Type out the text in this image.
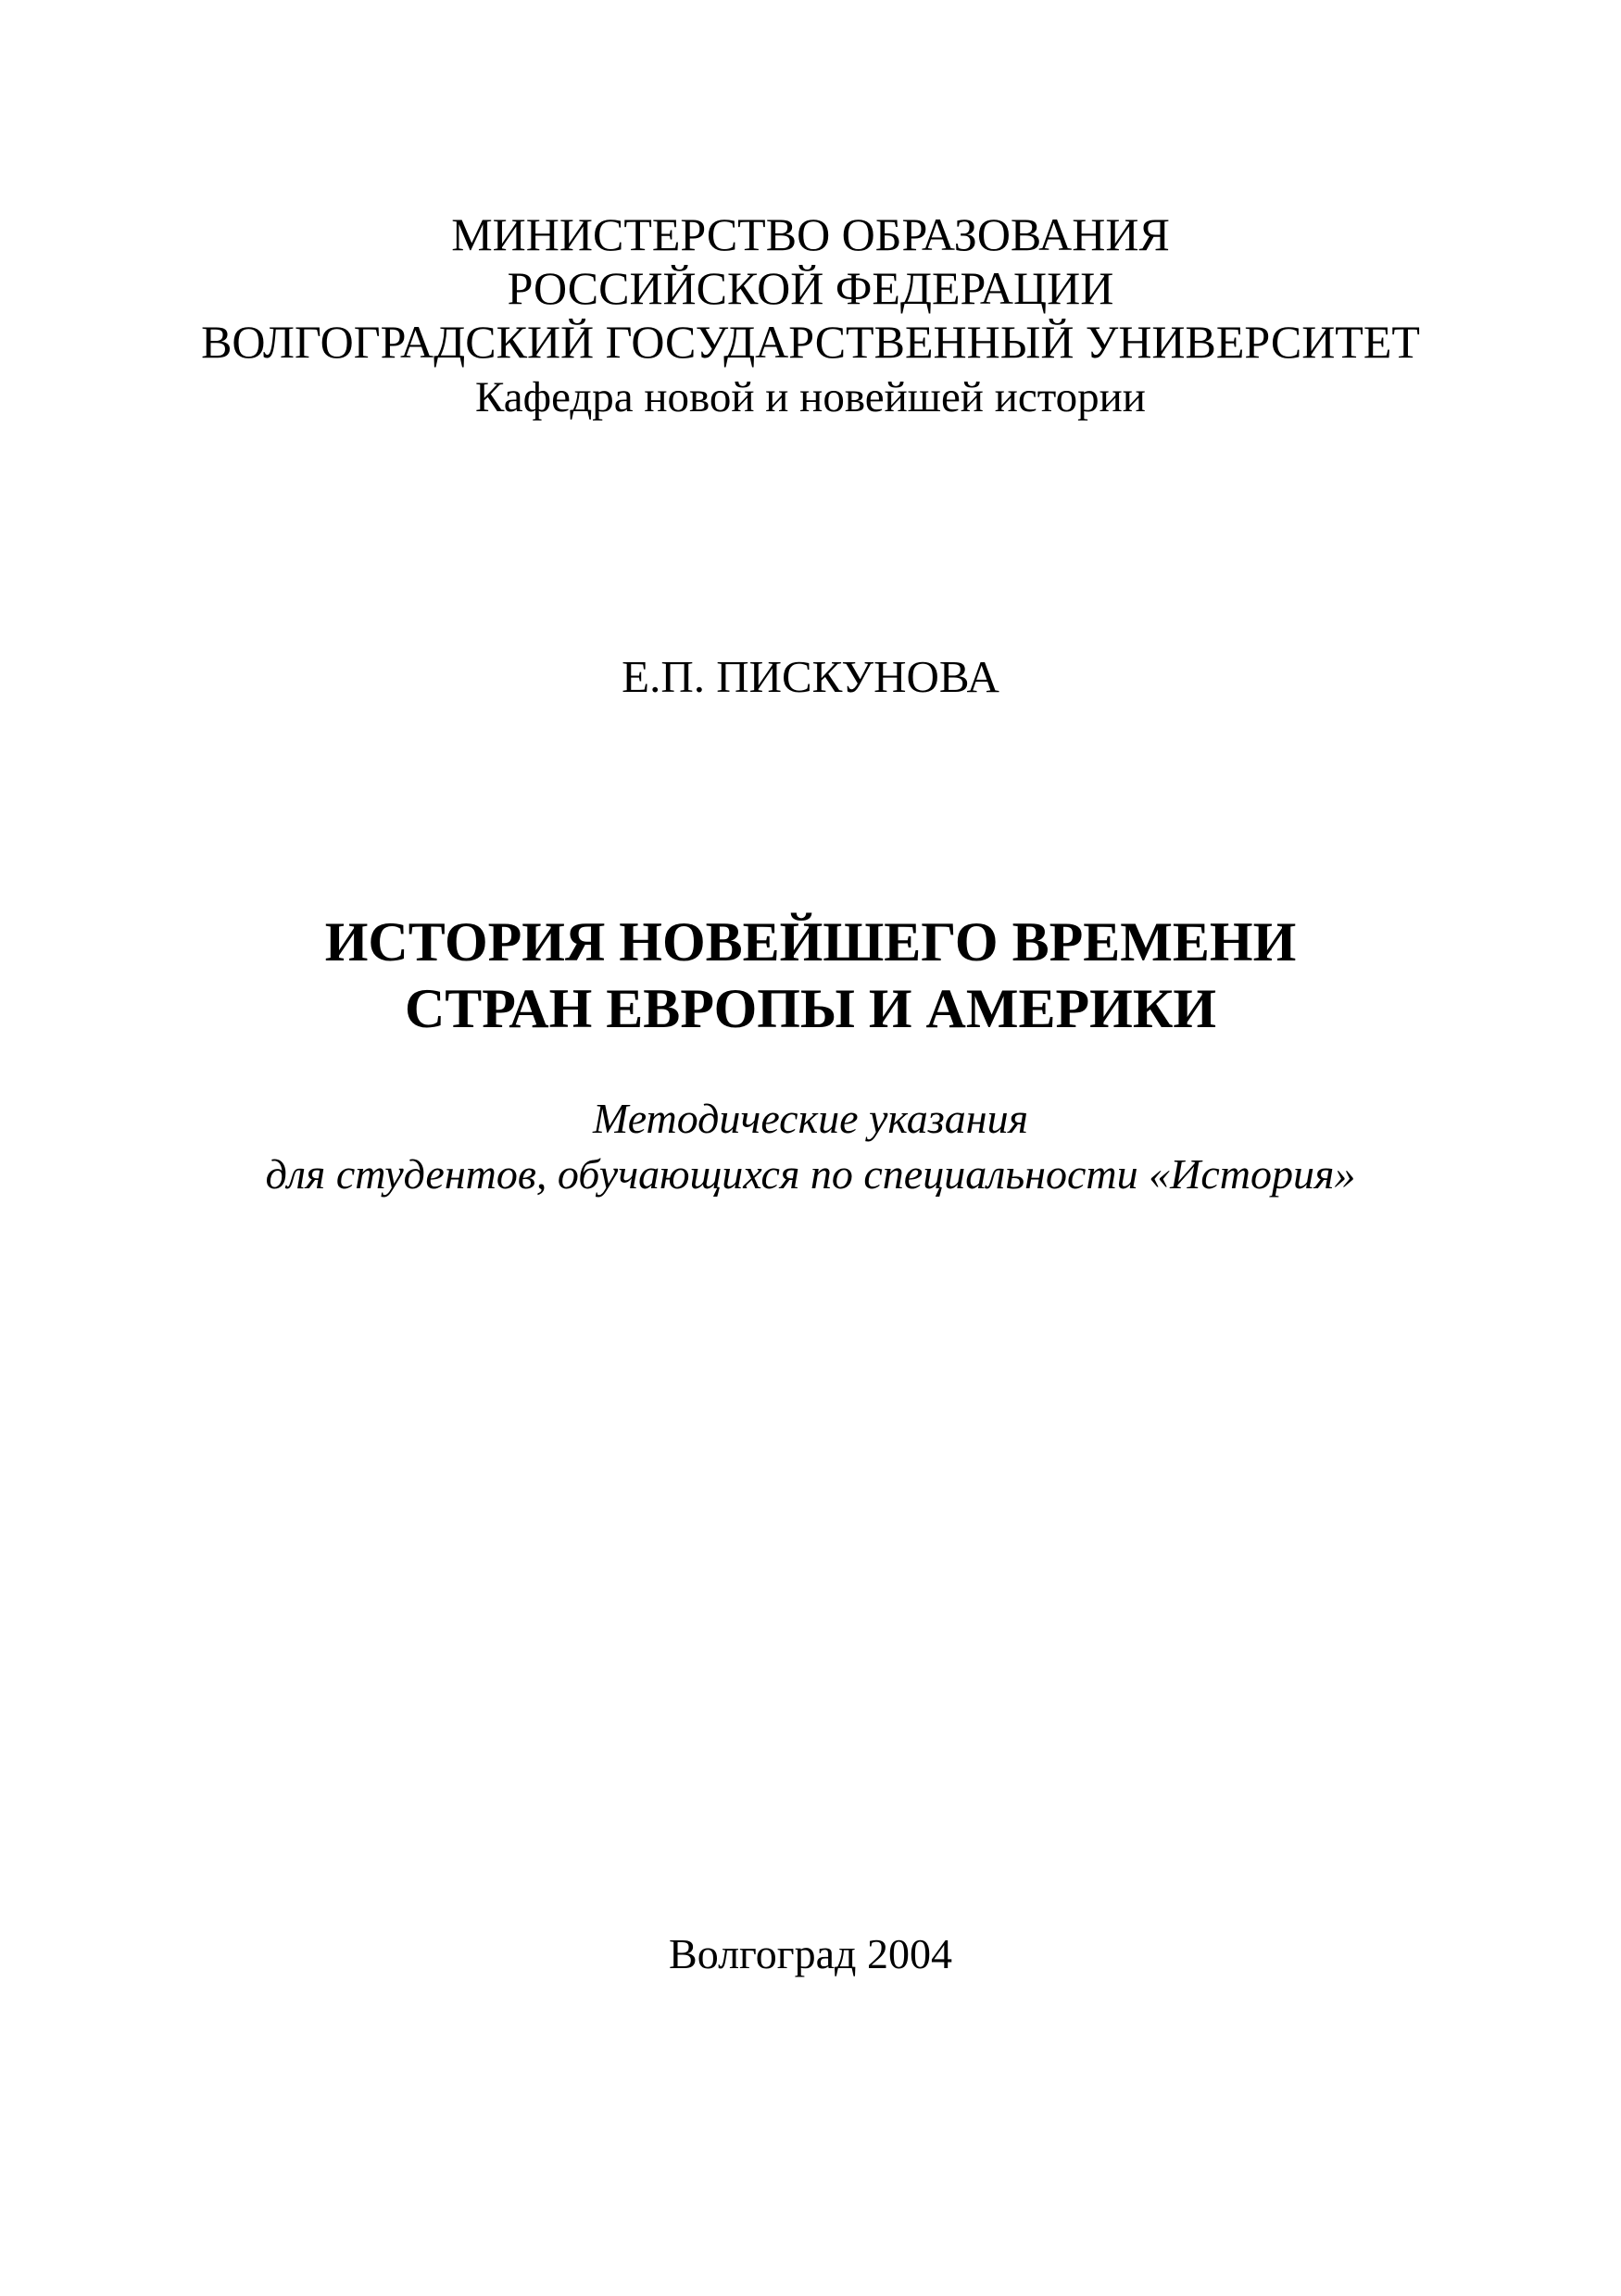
МИНИСТЕРСТВО ОБРАЗОВАНИЯ
РОССИЙСКОЙ ФЕДЕРАЦИИ
ВОЛГОГРАДСКИЙ ГОСУДАРСТВЕННЫЙ УНИВЕРСИТЕТ
Кафедра новой и новейшей истории
Е.П. ПИСКУНОВА
ИСТОРИЯ НОВЕЙШЕГО ВРЕМЕНИ
СТРАН ЕВРОПЫ И АМЕРИКИ
Методические указания
для студентов, обучающихся по специальности «История»
Волгоград 2004
